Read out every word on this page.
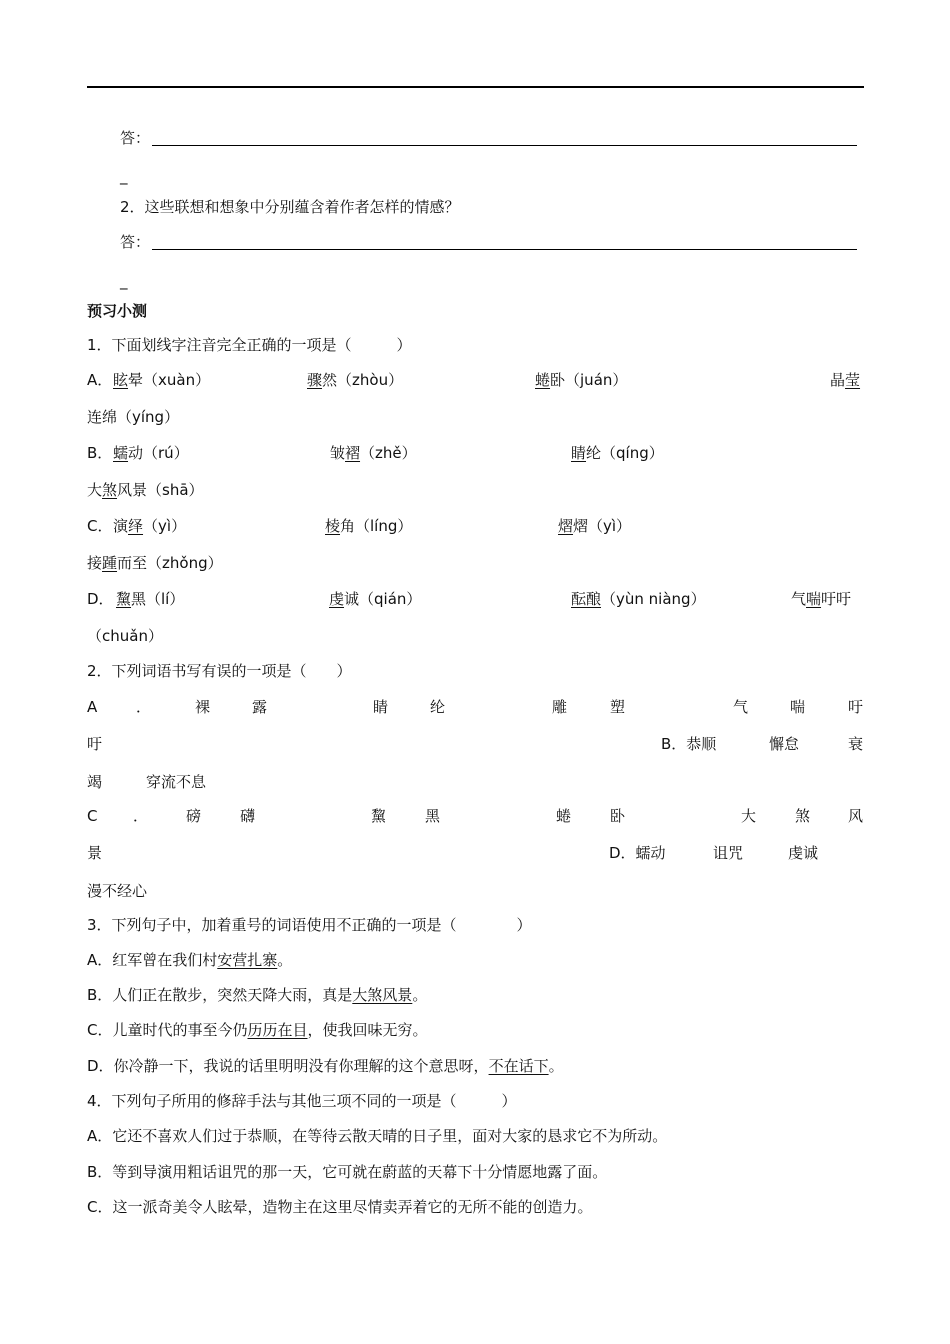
答：
_
2．这些联想和想象中分别蕴含着作者怎样的情感？
答：
_
预习小测
1．下面划线字注音完全正确的一项是（　　　）
A． 眩晕（xuàn）	骤然（zhòu）	蜷卧（juán）	晶莹
连绵（yíng）
B． 蠕动（rú）	皱褶（zhě）	睛纶（qíng）
大煞风景（shā）
C． 演绎（yì）	棱角（líng）	熠熠（yì）
接踵而至（zhǒng）
D． 黧黑（lí）	虔诚（qián）	酝酿（yùn niàng）	气喘吁吁
（chuǎn）
2．下列词语书写有误的一项是（　　）
A	．	裸	露	睛	纶	雕	塑	气	喘	吁
吁	B．恭顺	懈怠	衰
竭	穿流不息
C ．	磅	礴	黧	黑	蜷	卧	大	煞	风
景	D．蠕动	诅咒	虔诚
漫不经心
3．下列句子中，加着重号的词语使用不正确的一项是（　　　　）
A．红军曾在我们村安营扎寨。
B．人们正在散步，突然天降大雨，真是大煞风景。
C．儿童时代的事至今仍历历在目，使我回味无穷。
D．你冷静一下，我说的话里明明没有你理解的这个意思呀，不在话下。
4．下列句子所用的修辞手法与其他三项不同的一项是（　　　）
A．它还不喜欢人们过于恭顺，在等待云散天晴的日子里，面对大家的恳求它不为所动。
B．等到导演用粗话诅咒的那一天，它可就在蔚蓝的天幕下十分情愿地露了面。
C．这一派奇美令人眩晕，造物主在这里尽情卖弄着它的无所不能的创造力。
